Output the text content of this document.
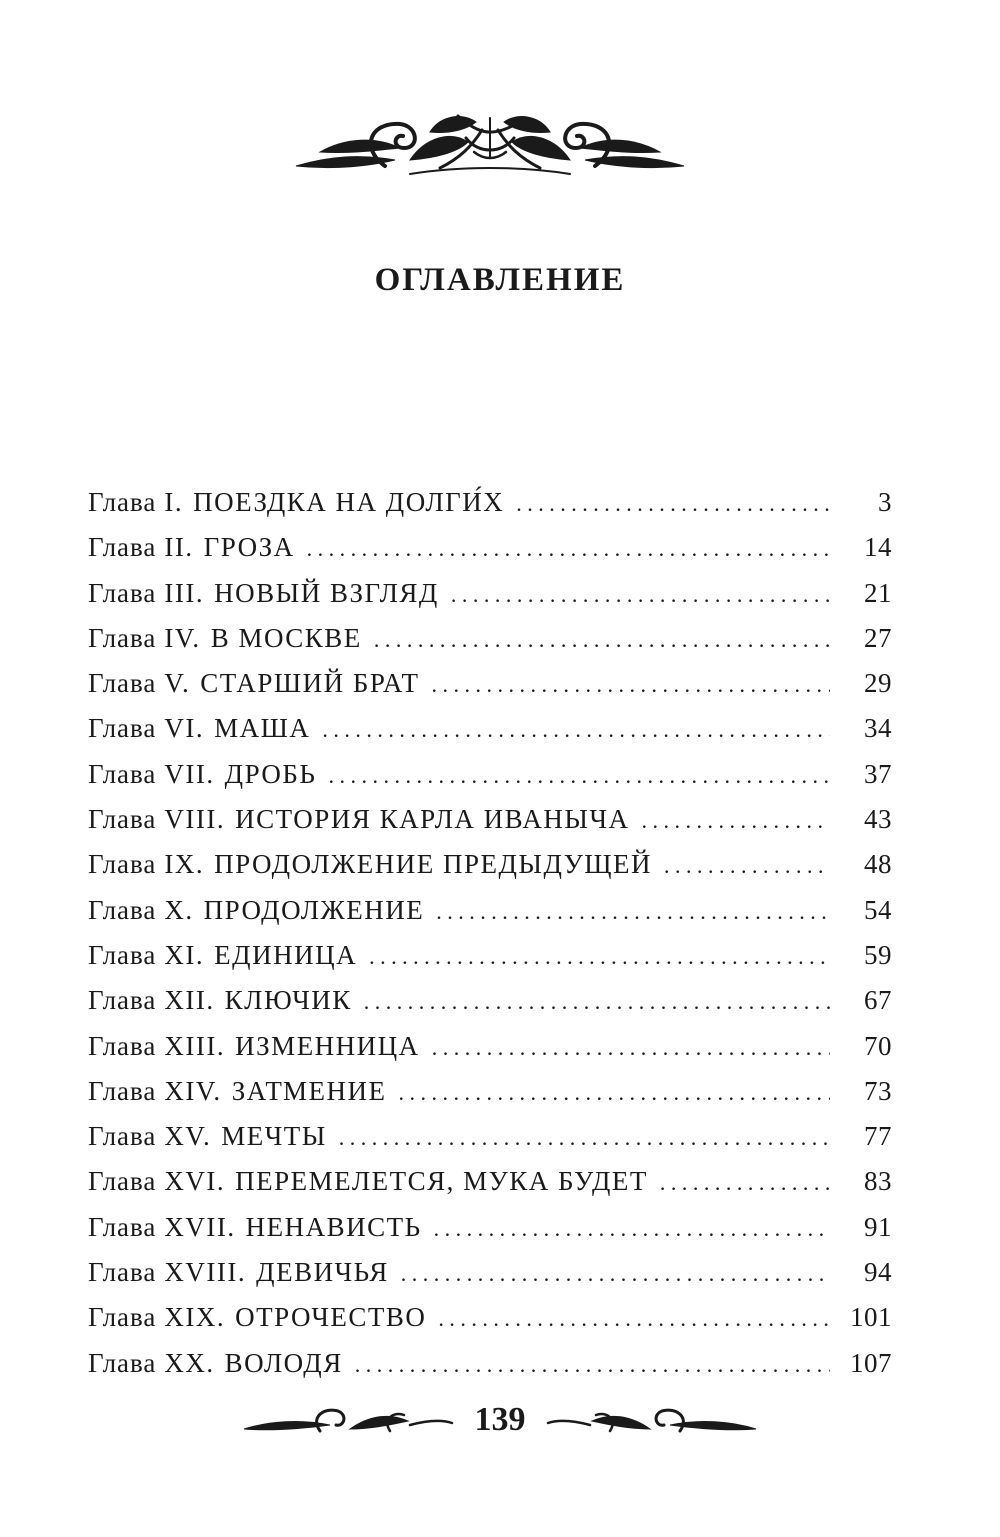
ОГЛАВЛЕНИЕ
Глава I. ПОЕЗДКА НА ДОЛГИ́Х . . .	3
Глава II. ГРОЗА . . .	14
Глава III. НОВЫЙ ВЗГЛЯД . . .	21
Глава IV. В МОСКВЕ . . .	27
Глава V. СТАРШИЙ БРАТ . . .	29
Глава VI. МАША . . .	34
Глава VII. ДРОБЬ . . .	37
Глава VIII. ИСТОРИЯ КАРЛА ИВАНЫЧА . . .	43
Глава IX. ПРОДОЛЖЕНИЕ ПРЕДЫДУЩЕЙ . . .	48
Глава X. ПРОДОЛЖЕНИЕ . . .	54
Глава XI. ЕДИНИЦА . . .	59
Глава XII. КЛЮЧИК . . .	67
Глава XIII. ИЗМЕННИЦА . . .	70
Глава XIV. ЗАТМЕНИЕ . . .	73
Глава XV. МЕЧТЫ . . .	77
Глава XVI. ПЕРЕМЕЛЕТСЯ, МУКА БУДЕТ . . .	83
Глава XVII. НЕНАВИСТЬ . . .	91
Глава XVIII. ДЕВИЧЬЯ . . .	94
Глава XIX. ОТРОЧЕСТВО . . .	101
Глава XX. ВОЛОДЯ . . .	107
139
